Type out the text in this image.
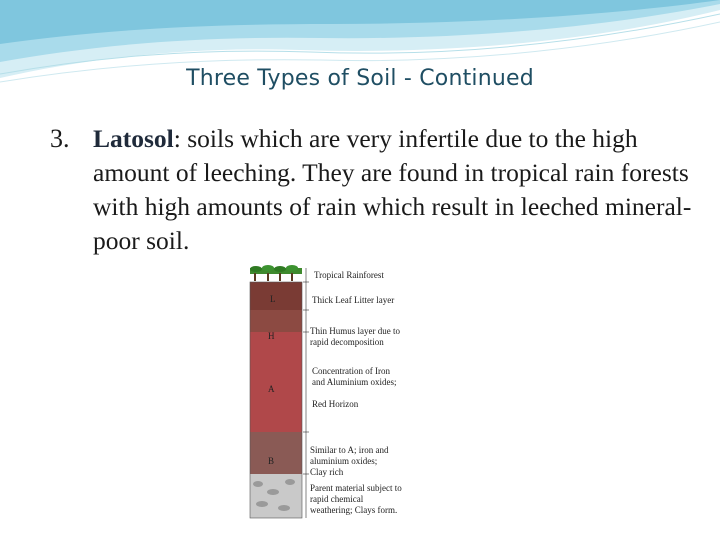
Three Types of Soil - Continued
3. Latosol: soils which are very infertile due to the high amount of leeching. They are found in tropical rain forests with high amounts of rain which result in leeched mineral-poor soil.
L
H
A
B
Tropical Rainforest
Thick Leaf Litter layer
Thin Humus layer due to
rapid decomposition
Concentration of Iron
and Aluminium oxides;
Red Horizon
Similar to A; iron and
aluminium oxides;
Clay rich
Parent material subject to
rapid chemical
weathering; Clays form.
